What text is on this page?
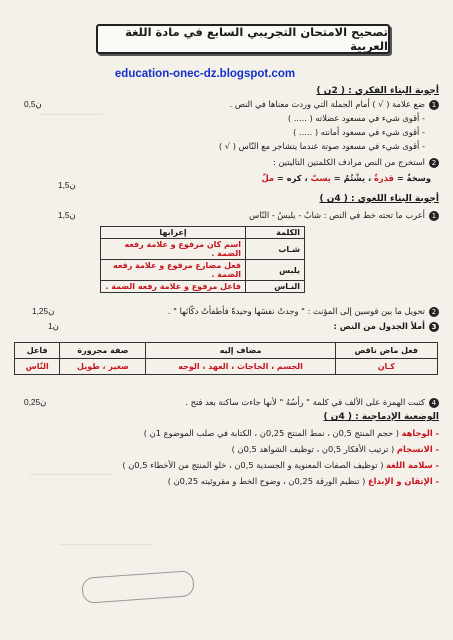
─────────────
─────────────────
───────────────────
تصحيح الامتحان التجريبي السابع في مادة اللغة العربية
education-onec-dz.blogspot.com
أجوبة البناء الفكري : ( 2ن )
1ضع علامة ( √ ) أمام الجملة التي وردت معناها في النص .
0,5ن
- أقوى شيء في مسعود عضلاته ( ..... )
- أقوى شيء في مسعود أمانته ( ..... )
- أقوى شيء في مسعود صوتة عندما يتشاجر مع النّاس ( √ )
2استخرج من النص مرادف الكلمتين التاليتين :
وسخةٌ = قذرةٌ ، يشْتُمُ = يسبّ ، كره = ملّ
1,5ن
أجوبة البناء اللغوي : ( 4ن )
1أعرب ما تحته خط في النص : شابٌ - يلبسُ - النّاس
1,5ن
الكلمة	إعرابها
شـاب	اسم كان مرفوع و علامة رفعه الضمة .
يلبس	فعل مضارع مرفوع و علامة رفعه الضمة .
النـاس	فاعل مرفوع و علامة رفعه الضمة .
2تحويل ما بين قوسين إلى المؤنث : " وجدتُ نفسَها وحيدةً فأطفأتُ دكّانَها " .
1,25ن
3أملأ الجدول من النص :
1ن
فعل ماض ناقص	مضاف إليه	صفة مجرورة	فاعل
كـان	الجسم ، الحاجات ، العهد ، الوجه	صغير ، طويل	النّاس
4كتبت الهمزة على الألف في كلمة " رأسُهُ " لأنها جاءت ساكنة بعد فتح .
0,25ن
الوضعية الإدماجية : ( 4ن )
- الوجاهة ( حجم المنتج 0,5ن ، نمط المنتج 0,25ن ، الكتابة في صلب الموضوع 1ن )
- الانسجام ( ترتيب الأفكار 0,5ن ، توظيف الشواهد 0,5ن )
- سلامة اللغة ( توظيف الصفات المعنوية و الجسدية 0,5ن ، خلو المنتج من الأخطاء 0,5ن )
- الإتقان و الإبداع ( تنظيم الورقة 0,25ن ، وضوح الخط و مقروئيته 0,25ن )
